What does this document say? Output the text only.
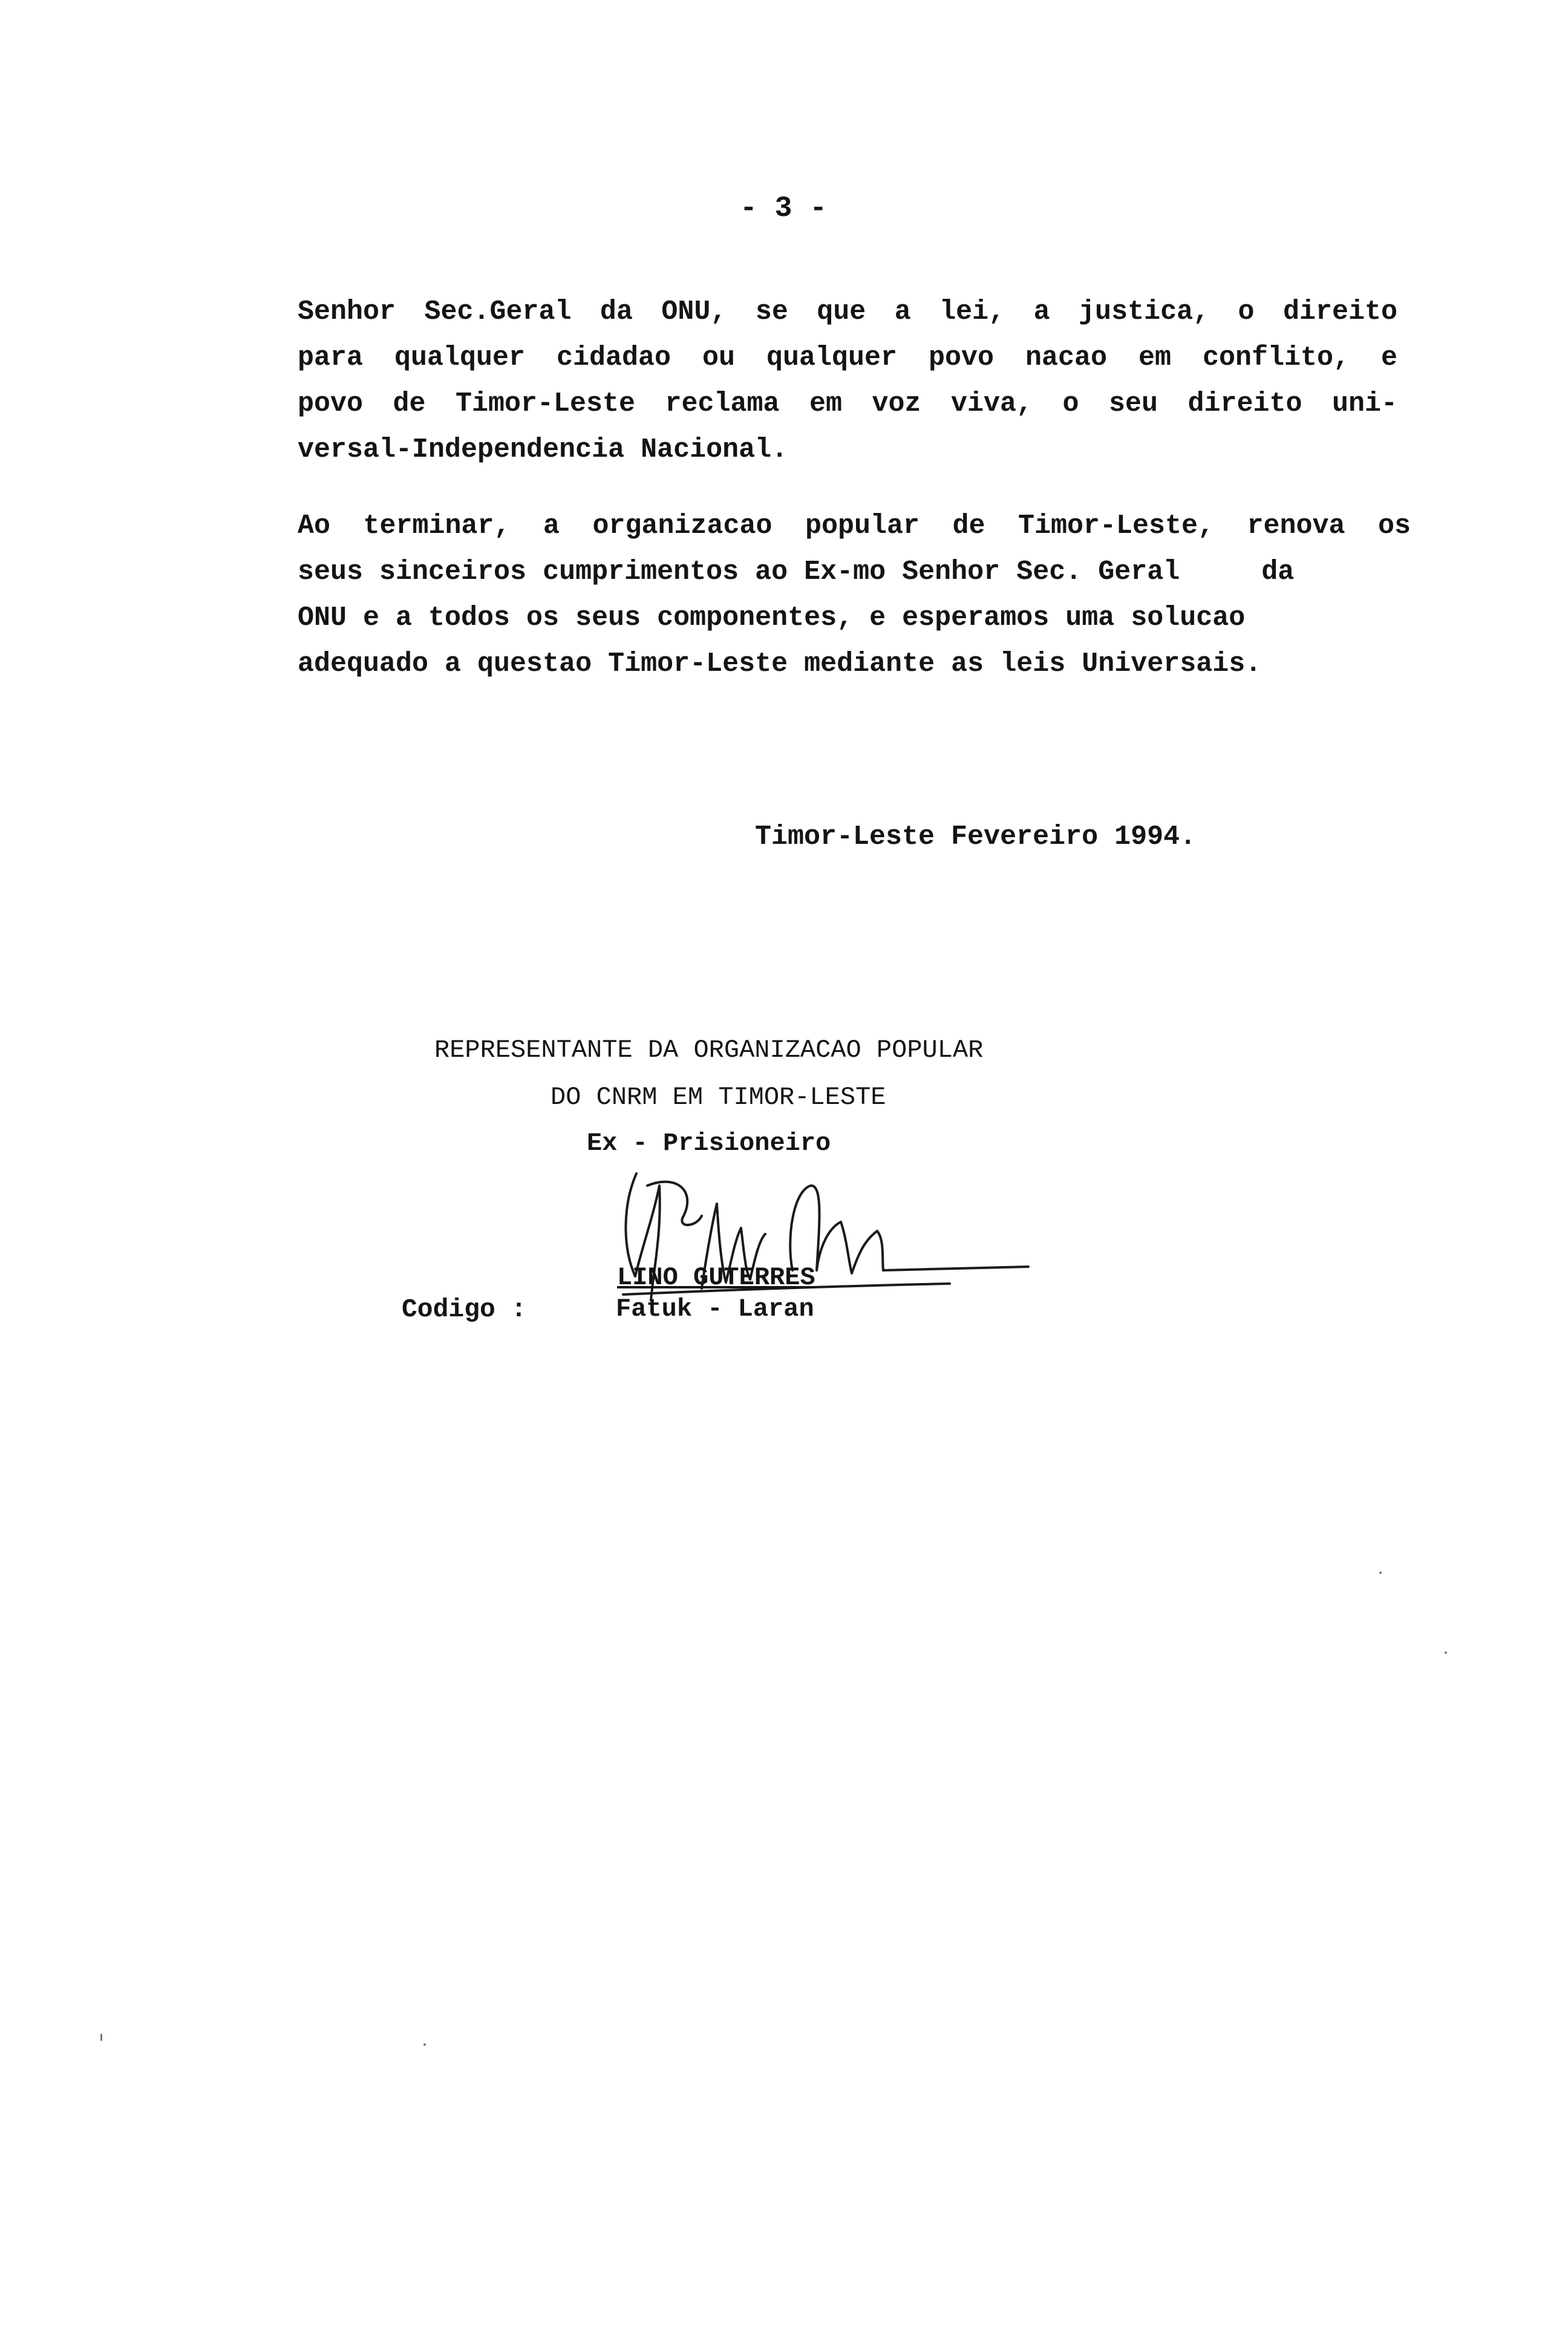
- 3 -
Senhor Sec.Geral da ONU, se que a lei, a justica, o direito
para qualquer cidadao ou qualquer povo nacao em conflito, e
povo de Timor-Leste reclama em voz viva, o seu direito uni-
versal-Independencia Nacional.
Ao terminar, a organizacao popular de Timor-Leste, renova os
seus sinceiros cumprimentos ao Ex-mo Senhor Sec. Geral     da
ONU e a todos os seus componentes, e esperamos uma solucao
adequado a questao Timor-Leste mediante as leis Universais.
Timor-Leste Fevereiro 1994.
REPRESENTANTE DA ORGANIZACAO POPULAR
DO CNRM EM TIMOR-LESTE
Ex - Prisioneiro
LINO GUTERRES
Codigo :	Fatuk - Laran
